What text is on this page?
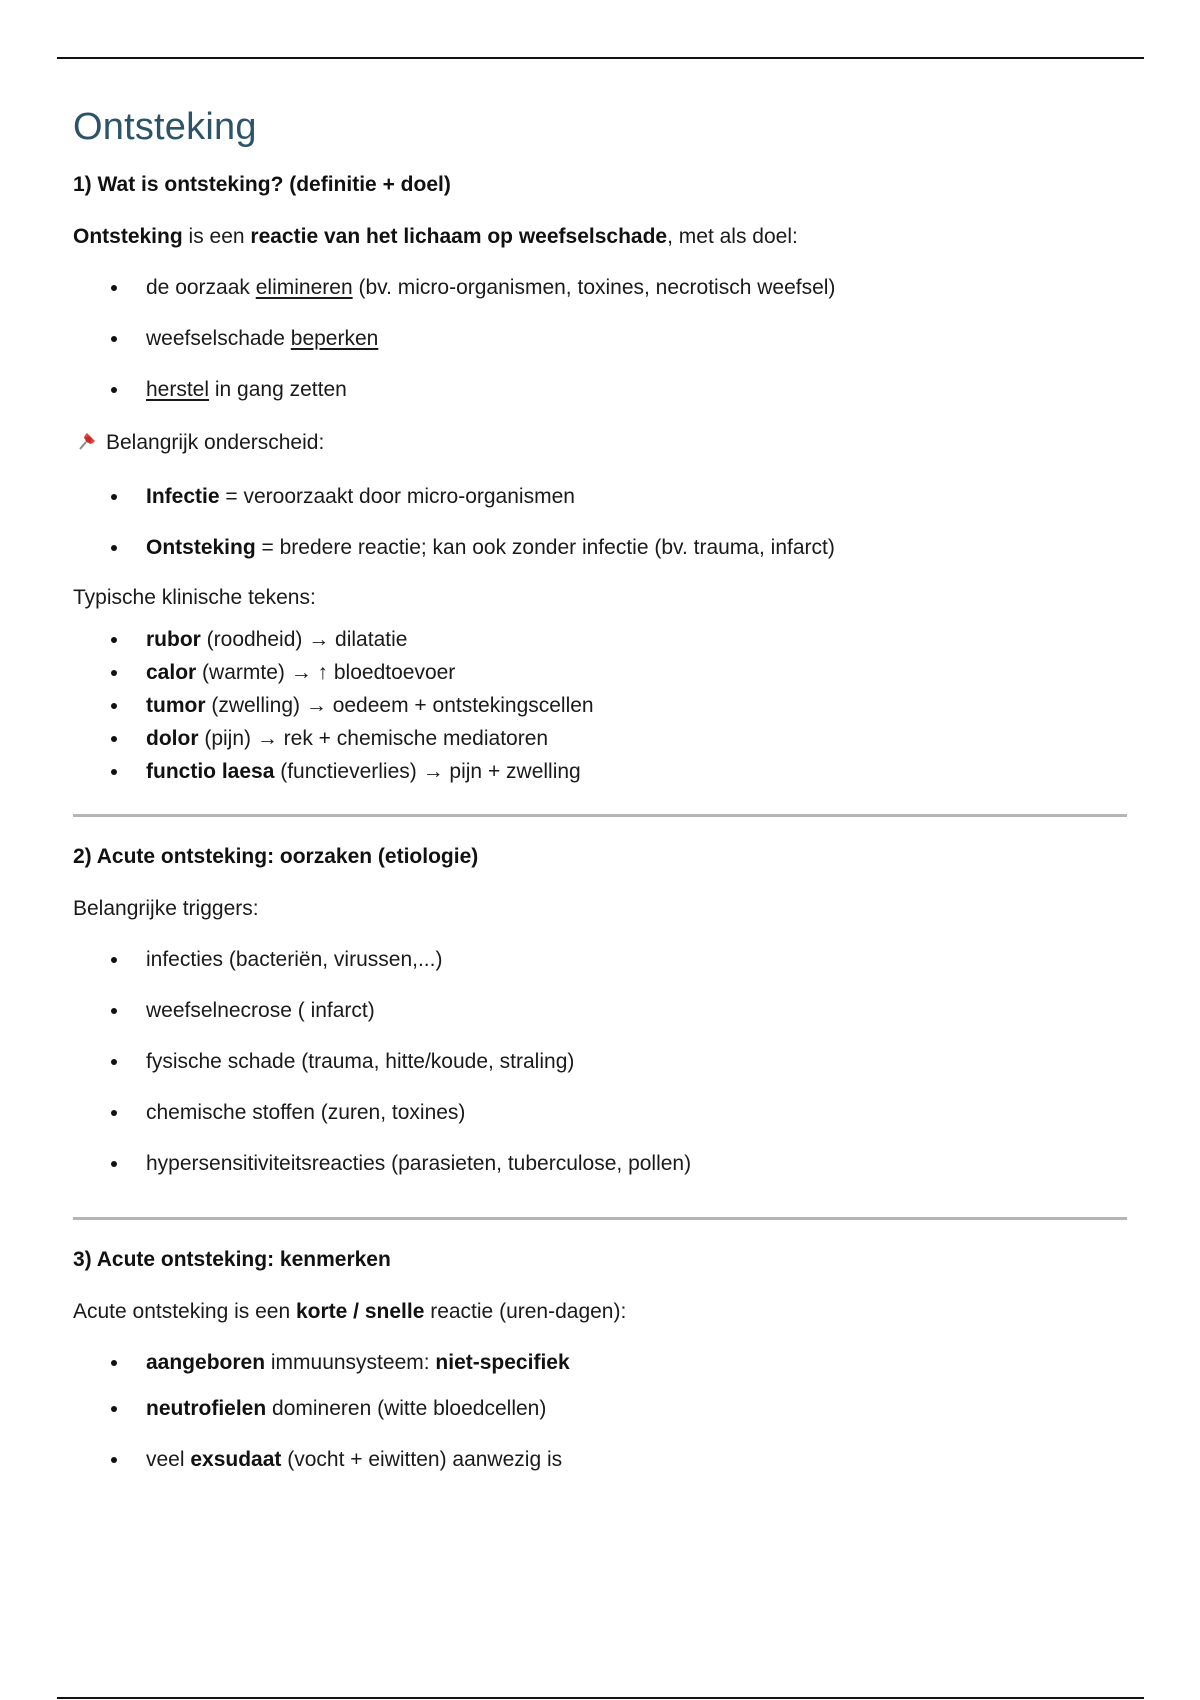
Ontsteking
1) Wat is ontsteking? (definitie + doel)

Ontsteking is een reactie van het lichaam op weefselschade, met als doel:

de oorzaak elimineren (bv. micro-organismen, toxines, necrotisch weefsel)
weefselschade beperken
herstel in gang zetten

Belangrijk onderscheid:

Infectie = veroorzaakt door micro-organismen
Ontsteking = bredere reactie; kan ook zonder infectie (bv. trauma, infarct)

Typische klinische tekens:

rubor (roodheid) → dilatatie
calor (warmte) → ↑ bloedtoevoer
tumor (zwelling) → oedeem + ontstekingscellen
dolor (pijn) → rek + chemische mediatoren
functio laesa (functieverlies) → pijn + zwelling
2) Acute ontsteking: oorzaken (etiologie)

Belangrijke triggers:

infecties (bacteriën, virussen,...)
weefselnecrose ( infarct)
fysische schade (trauma, hitte/koude, straling)
chemische stoffen (zuren, toxines)
hypersensitiviteitsreacties (parasieten, tuberculose, pollen)
3) Acute ontsteking: kenmerken

Acute ontsteking is een korte / snelle reactie (uren-dagen):

aangeboren immuunsysteem: niet-specifiek
neutrofielen domineren (witte bloedcellen)
veel exsudaat (vocht + eiwitten) aanwezig is
